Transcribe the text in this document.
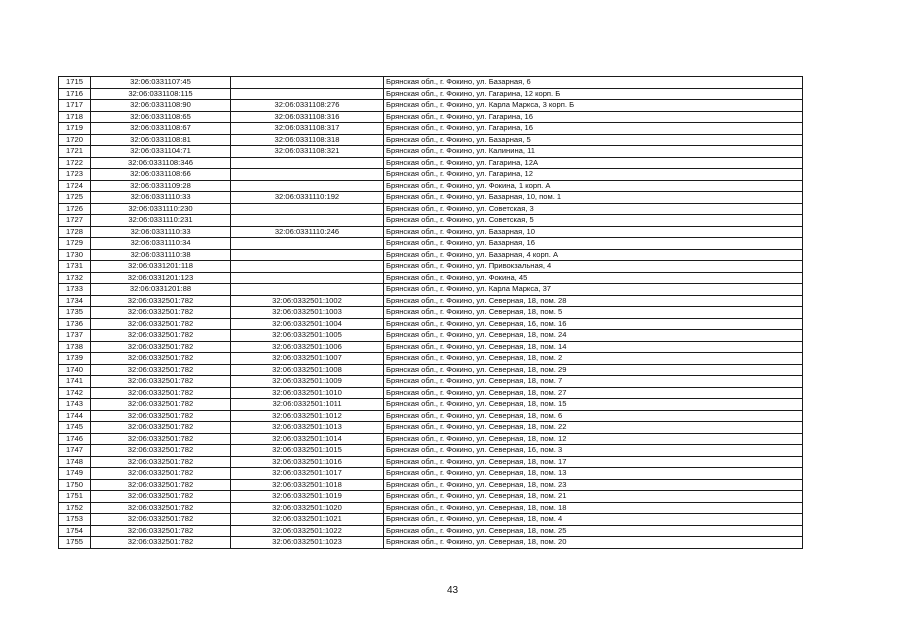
1715	32:06:0331107:45		Брянская обл., г. Фокино, ул. Базарная, 6
1716	32:06:0331108:115		Брянская обл., г. Фокино, ул. Гагарина, 12 корп. Б
1717	32:06:0331108:90	32:06:0331108:276	Брянская обл., г. Фокино, ул. Карла Маркса, 3 корп. Б
1718	32:06:0331108:65	32:06:0331108:316	Брянская обл., г. Фокино, ул. Гагарина, 16
1719	32:06:0331108:67	32:06:0331108:317	Брянская обл., г. Фокино, ул. Гагарина, 16
1720	32:06:0331108:81	32:06:0331108:318	Брянская обл., г. Фокино, ул. Базарная, 5
1721	32:06:0331104:71	32:06:0331108:321	Брянская обл., г. Фокино, ул. Калинина, 11
1722	32:06:0331108:346		Брянская обл., г. Фокино, ул. Гагарина, 12А
1723	32:06:0331108:66		Брянская обл., г. Фокино, ул. Гагарина, 12
1724	32:06:0331109:28		Брянская обл., г. Фокино, ул. Фокина, 1 корп. А
1725	32:06:0331110:33	32:06:0331110:192	Брянская обл., г. Фокино, ул. Базарная, 10, пом. 1
1726	32:06:0331110:230		Брянская обл., г. Фокино, ул. Советская, 3
1727	32:06:0331110:231		Брянская обл., г. Фокино, ул. Советская, 5
1728	32:06:0331110:33	32:06:0331110:246	Брянская обл., г. Фокино, ул. Базарная, 10
1729	32:06:0331110:34		Брянская обл., г. Фокино, ул. Базарная, 16
1730	32:06:0331110:38		Брянская обл., г. Фокино, ул. Базарная, 4 корп. А
1731	32:06:0331201:118		Брянская обл., г. Фокино, ул. Привокзальная, 4
1732	32:06:0331201:123		Брянская обл., г. Фокино, ул. Фокина, 45
1733	32:06:0331201:88		Брянская обл., г. Фокино, ул. Карла Маркса, 37
1734	32:06:0332501:782	32:06:0332501:1002	Брянская обл., г. Фокино, ул. Северная, 18, пом. 28
1735	32:06:0332501:782	32:06:0332501:1003	Брянская обл., г. Фокино, ул. Северная, 18, пом. 5
1736	32:06:0332501:782	32:06:0332501:1004	Брянская обл., г. Фокино, ул. Северная, 16, пом. 16
1737	32:06:0332501:782	32:06:0332501:1005	Брянская обл., г. Фокино, ул. Северная, 18, пом. 24
1738	32:06:0332501:782	32:06:0332501:1006	Брянская обл., г. Фокино, ул. Северная, 18, пом. 14
1739	32:06:0332501:782	32:06:0332501:1007	Брянская обл., г. Фокино, ул. Северная, 18, пом. 2
1740	32:06:0332501:782	32:06:0332501:1008	Брянская обл., г. Фокино, ул. Северная, 18, пом. 29
1741	32:06:0332501:782	32:06:0332501:1009	Брянская обл., г. Фокино, ул. Северная, 18, пом. 7
1742	32:06:0332501:782	32:06:0332501:1010	Брянская обл., г. Фокино, ул. Северная, 18, пом. 27
1743	32:06:0332501:782	32:06:0332501:1011	Брянская обл., г. Фокино, ул. Северная, 18, пом. 15
1744	32:06:0332501:782	32:06:0332501:1012	Брянская обл., г. Фокино, ул. Северная, 18, пом. 6
1745	32:06:0332501:782	32:06:0332501:1013	Брянская обл., г. Фокино, ул. Северная, 18, пом. 22
1746	32:06:0332501:782	32:06:0332501:1014	Брянская обл., г. Фокино, ул. Северная, 18, пом. 12
1747	32:06:0332501:782	32:06:0332501:1015	Брянская обл., г. Фокино, ул. Северная, 16, пом. 3
1748	32:06:0332501:782	32:06:0332501:1016	Брянская обл., г. Фокино, ул. Северная, 18, пом. 17
1749	32:06:0332501:782	32:06:0332501:1017	Брянская обл., г. Фокино, ул. Северная, 18, пом. 13
1750	32:06:0332501:782	32:06:0332501:1018	Брянская обл., г. Фокино, ул. Северная, 18, пом. 23
1751	32:06:0332501:782	32:06:0332501:1019	Брянская обл., г. Фокино, ул. Северная, 18, пом. 21
1752	32:06:0332501:782	32:06:0332501:1020	Брянская обл., г. Фокино, ул. Северная, 18, пом. 18
1753	32:06:0332501:782	32:06:0332501:1021	Брянская обл., г. Фокино, ул. Северная, 18, пом. 4
1754	32:06:0332501:782	32:06:0332501:1022	Брянская обл., г. Фокино, ул. Северная, 18, пом. 25
1755	32:06:0332501:782	32:06:0332501:1023	Брянская обл., г. Фокино, ул. Северная, 18, пом. 20
43
